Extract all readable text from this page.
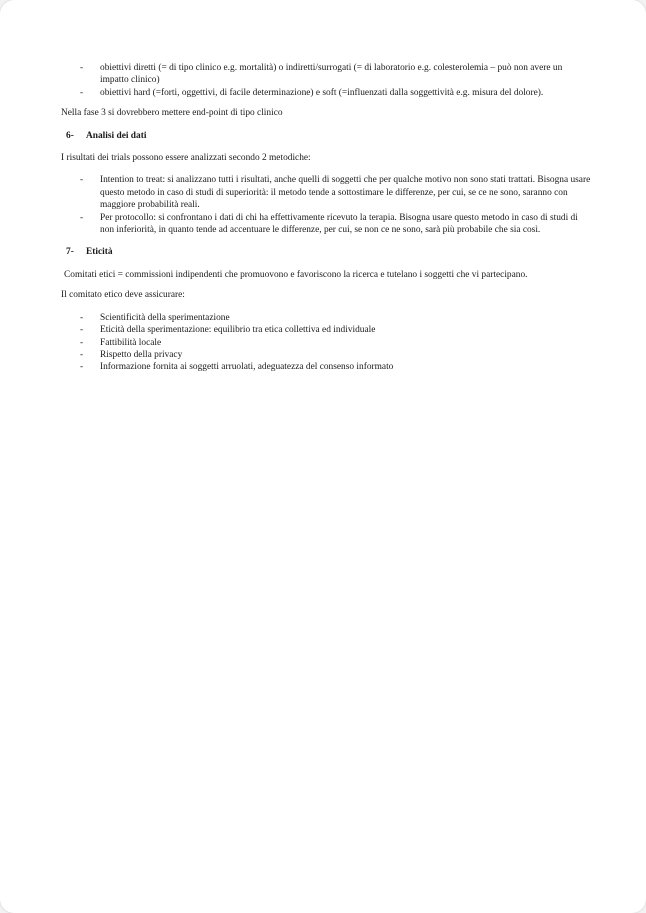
- obiettivi diretti (= di tipo clinico e.g. mortalità) o indiretti/surrogati (= di laboratorio e.g. colesterolemia – può non avere un impatto clinico)
- obiettivi hard (=forti, oggettivi, di facile determinazione) e soft (=influenzati dalla soggettività e.g. misura del dolore).

Nella fase 3 si dovrebbero mettere end-point di tipo clinico

6- Analisi dei dati

I risultati dei trials possono essere analizzati secondo 2 metodiche:

- Intention to treat: si analizzano tutti i risultati, anche quelli di soggetti che per qualche motivo non sono stati trattati. Bisogna usare questo metodo in caso di studi di superiorità: il metodo tende a sottostimare le differenze, per cui, se ce ne sono, saranno con maggiore probabilità reali.
- Per protocollo: si confrontano i dati di chi ha effettivamente ricevuto la terapia. Bisogna usare questo metodo in caso di studi di non inferiorità, in quanto tende ad accentuare le differenze, per cui, se non ce ne sono, sarà più probabile che sia così.

7- Eticità

Comitati etici = commissioni indipendenti che promuovono e favoriscono la ricerca e tutelano i soggetti che vi partecipano.

Il comitato etico deve assicurare:

- Scientificità della sperimentazione
- Eticità della sperimentazione: equilibrio tra etica collettiva ed individuale
- Fattibilità locale
- Rispetto della privacy
- Informazione fornita ai soggetti arruolati, adeguatezza del consenso informato
